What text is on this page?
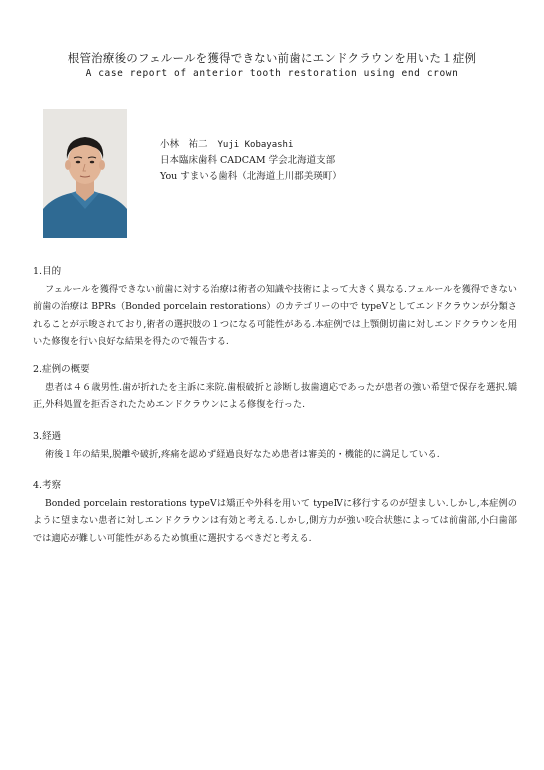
根管治療後のフェルールを獲得できない前歯にエンドクラウンを用いた１症例
A case report of anterior tooth restoration using end crown
小林　祐二 Yuji Kobayashi
日本臨床歯科 CADCAM 学会北海道支部
You すまいる歯科（北海道上川郡美瑛町）
1.目的

フェルールを獲得できない前歯に対する治療は術者の知識や技術によって大きく異なる.フェルールを獲得できない前歯の治療は BPRs（Bonded porcelain restorations）のカテゴリーの中で typeⅤとしてエンドクラウンが分類されることが示唆されており,術者の選択肢の１つになる可能性がある.本症例では上顎側切歯に対しエンドクラウンを用いた修復を行い良好な結果を得たので報告する.

2.症例の概要

患者は４６歳男性.歯が折れたを主訴に来院.歯根破折と診断し抜歯適応であったが患者の強い希望で保存を選択.矯正,外科処置を拒否されたためエンドクラウンによる修復を行った.

3.経過

術後１年の結果,脱離や破折,疼痛を認めず経過良好なため患者は審美的・機能的に満足している.

4.考察

Bonded porcelain restorations typeⅤは矯正や外科を用いて typeⅣに移行するのが望ましい.しかし,本症例のように望まない患者に対しエンドクラウンは有効と考える.しかし,側方力が強い咬合状態によっては前歯部,小臼歯部では適応が難しい可能性があるため慎重に選択するべきだと考える.
